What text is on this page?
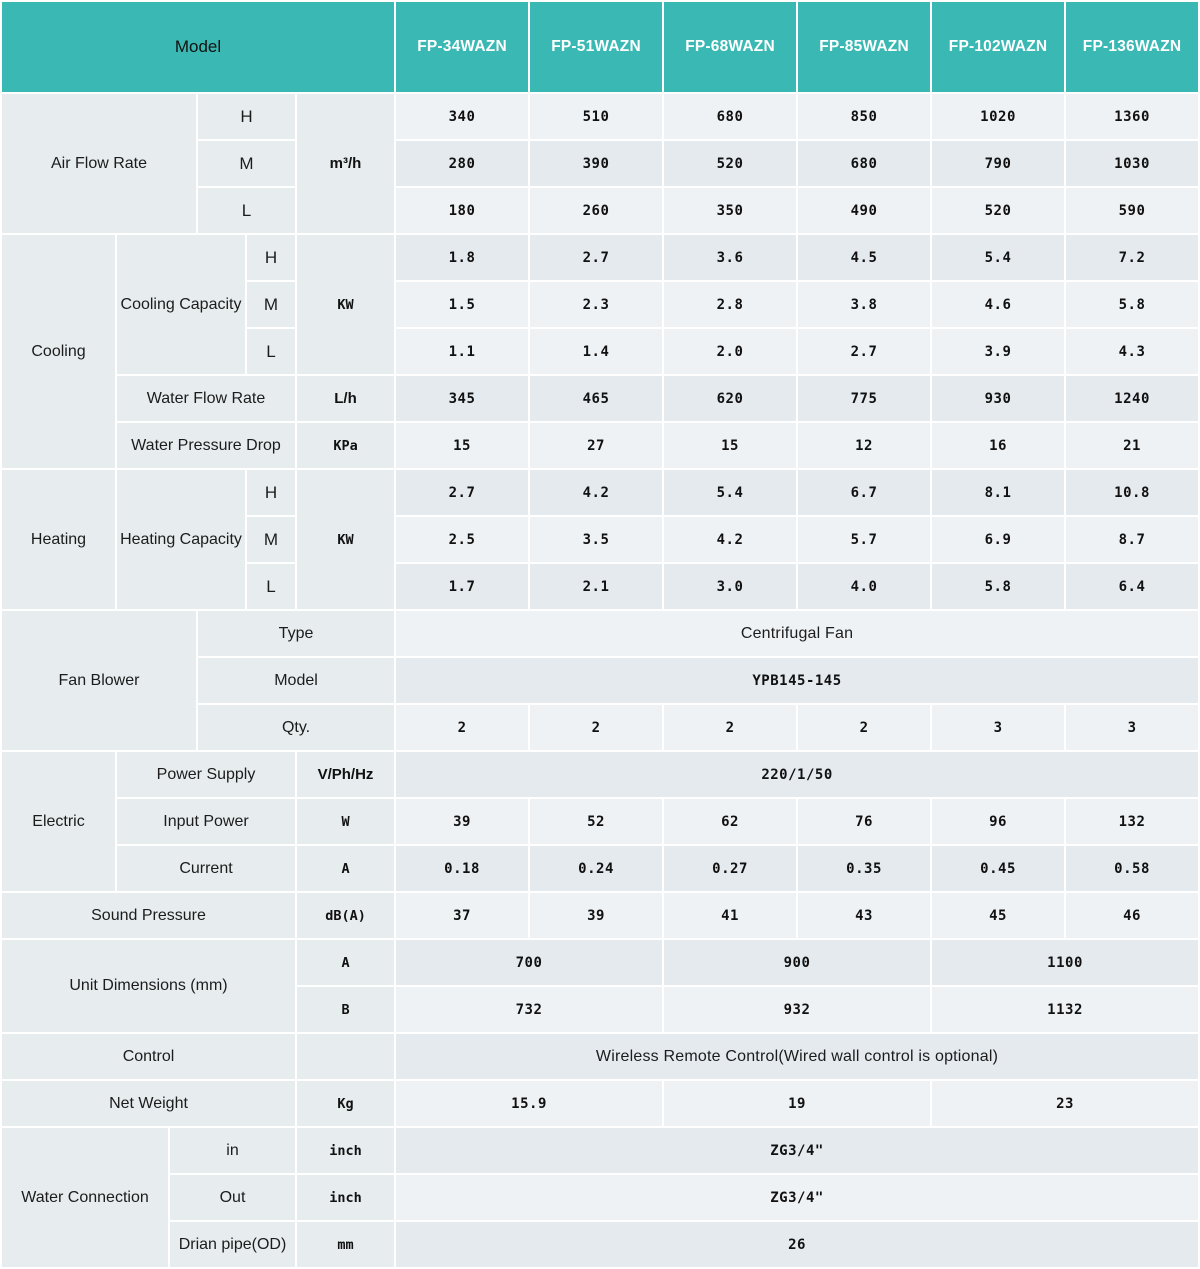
Model						FP-34WAZN	FP-51WAZN	FP-68WAZN	FP-85WAZN	FP-102WAZN	FP-136WAZN
Air Flow Rate			H		m³/h	340	510	680	850	1020	1360
			M			280	390	520	680	790	1030
			L			180	260	350	490	520	590
Cooling	Cooling Capacity			H	KW	1.8	2.7	3.6	4.5	5.4	7.2
				M		1.5	2.3	2.8	3.8	4.6	5.8
				L		1.1	1.4	2.0	2.7	3.9	4.3
	Water Flow Rate				L/h	345	465	620	775	930	1240
	Water Pressure Drop				KPa	15	27	15	12	16	21
Heating	Heating Capacity			H	KW	2.7	4.2	5.4	6.7	8.1	10.8
				M		2.5	3.5	4.2	5.7	6.9	8.7
				L		1.7	2.1	3.0	4.0	5.8	6.4
Fan Blower			Type			Centrifugal Fan					
			Model			YPB145-145					
			Qty.			2	2	2	2	3	3
Electric	Power Supply				V/Ph/Hz	220/1/50					
	Input Power				W	39	52	62	76	96	132
	Current				A	0.18	0.24	0.27	0.35	0.45	0.58
Sound Pressure					dB(A)	37	39	41	43	45	46
Unit Dimensions (mm)					A	700		900		1100	
					B	732		932		1132	
Control						Wireless Remote Control(Wired wall control is optional)					
Net Weight					Kg	15.9		19		23	
Water Connection		in			inch	ZG3/4"					
		Out			inch	ZG3/4"					
		Drian pipe(OD)			mm	26					
